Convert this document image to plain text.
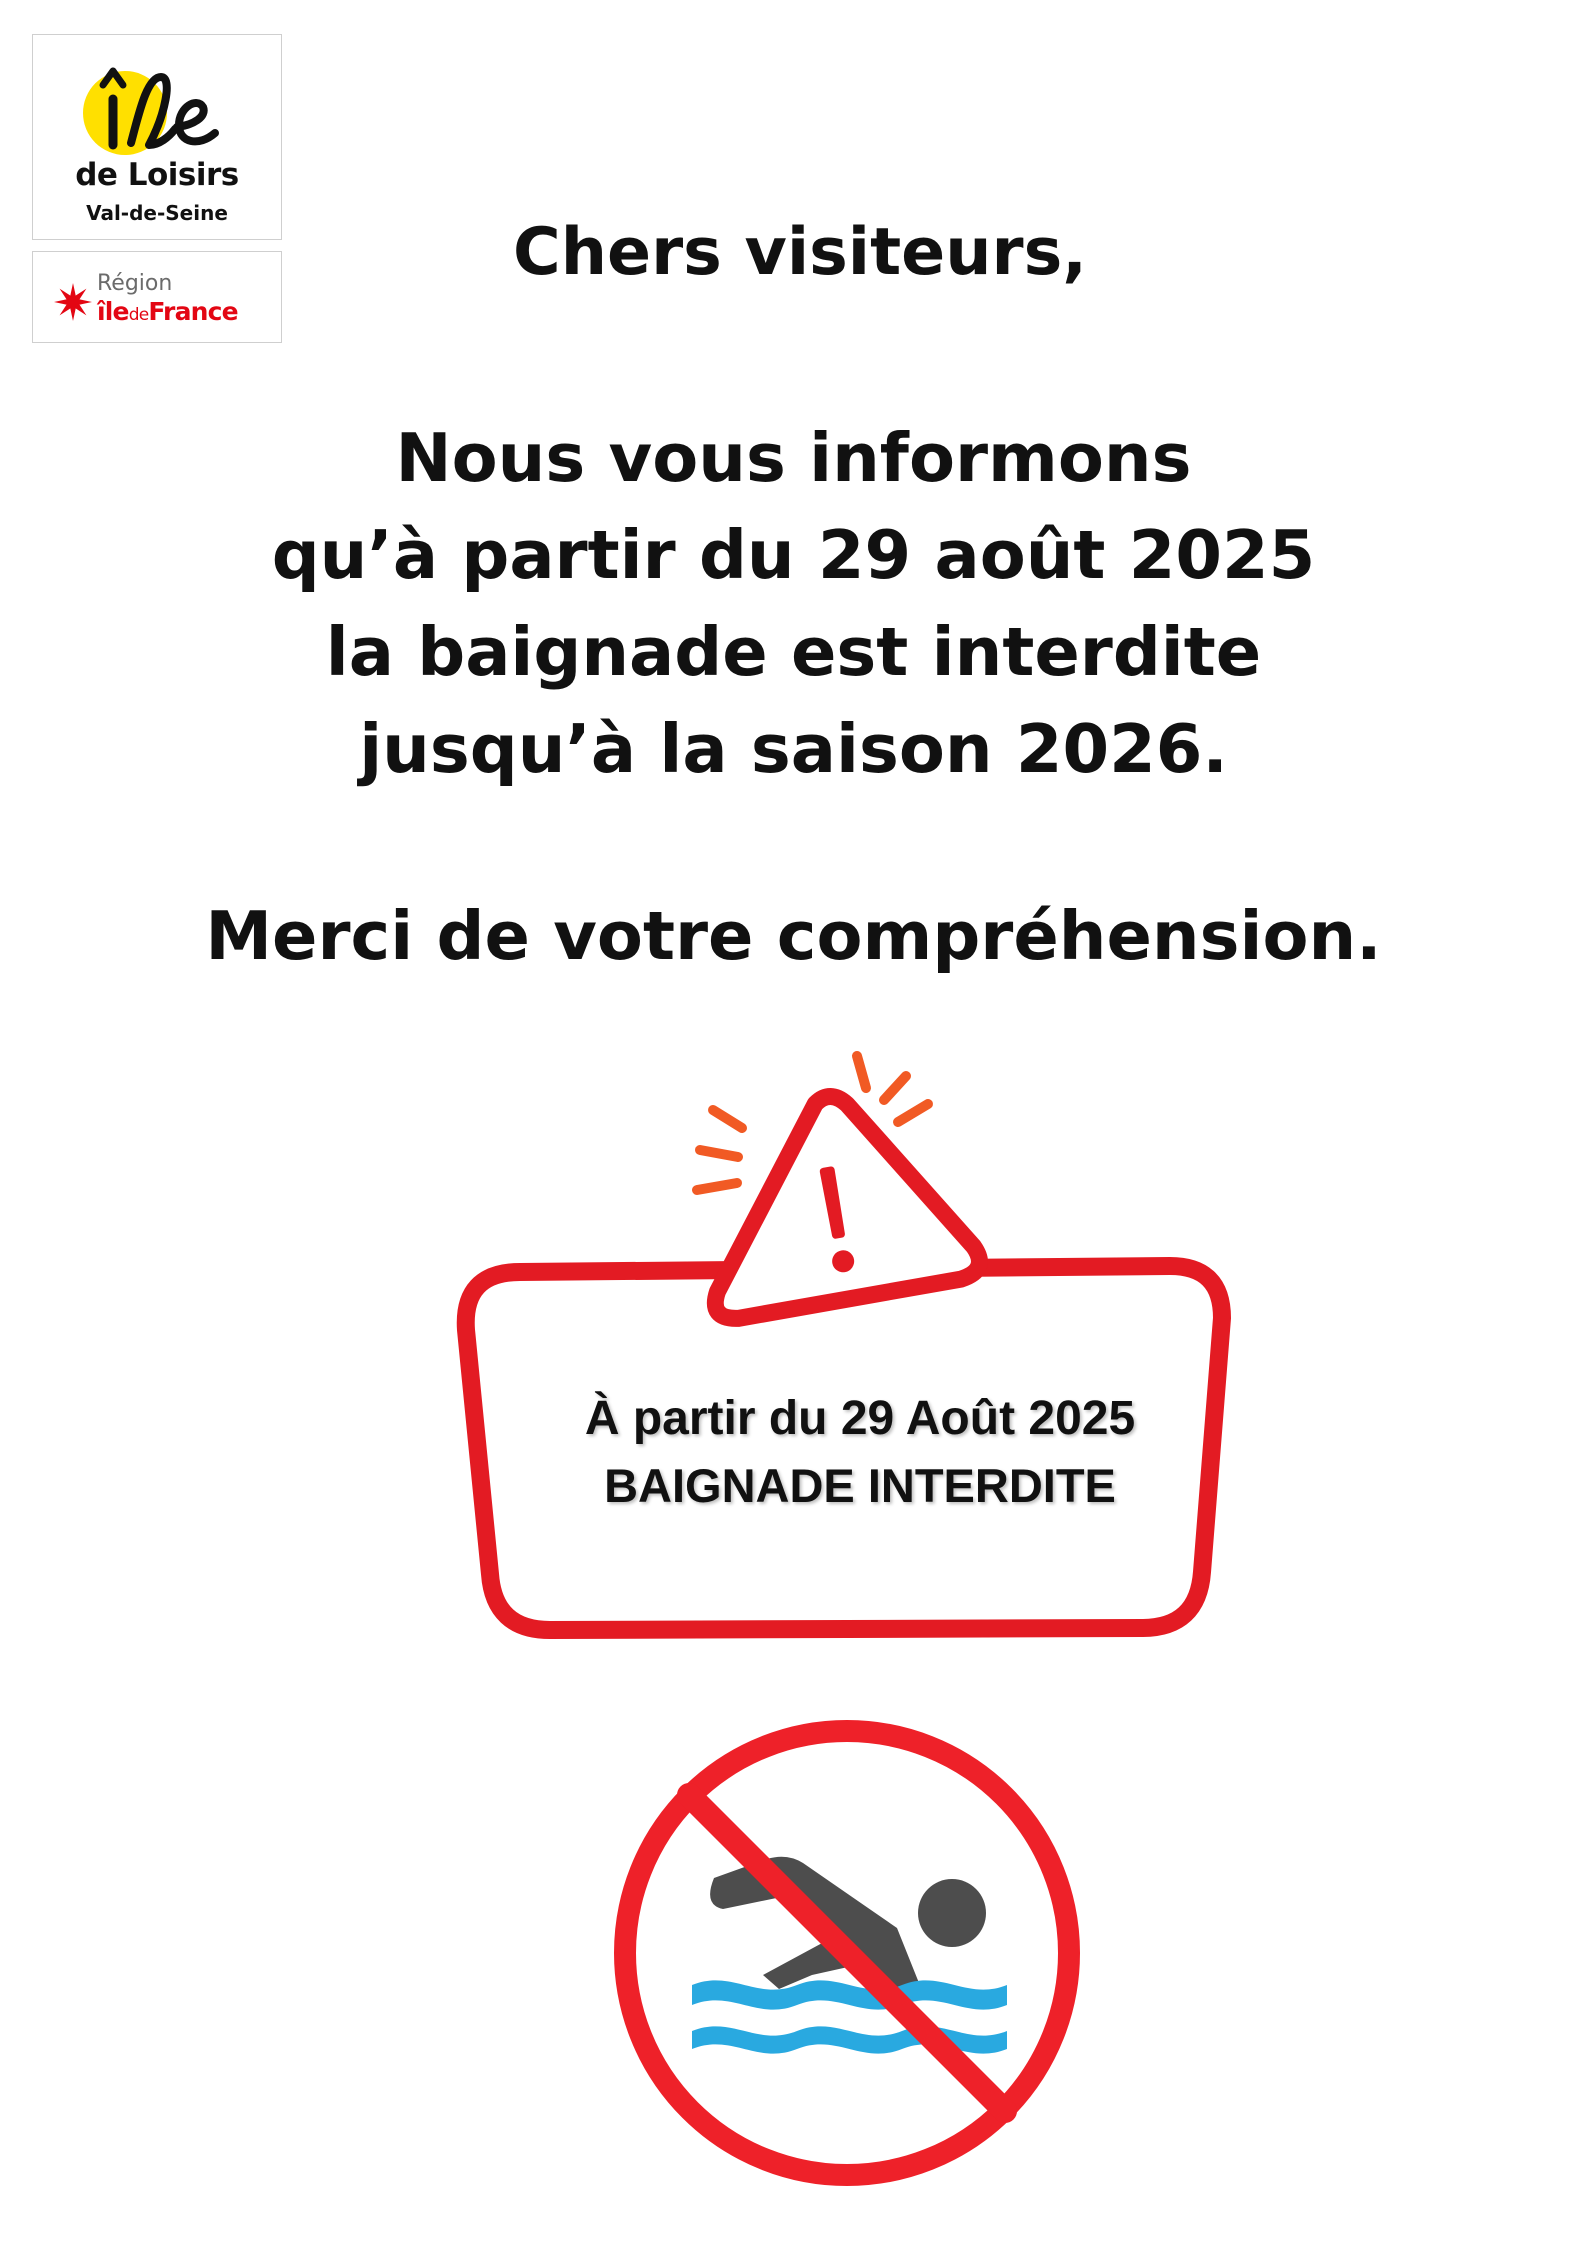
de Loisirs
Val-de-Seine
Région
îledeFrance
Chers visiteurs,
Nous vous informons
qu’à partir du 29 août 2025
la baignade est interdite
jusqu’à la saison 2026.
Merci de votre compréhension.
À partir du 29 Août 2025
BAIGNADE INTERDITE
